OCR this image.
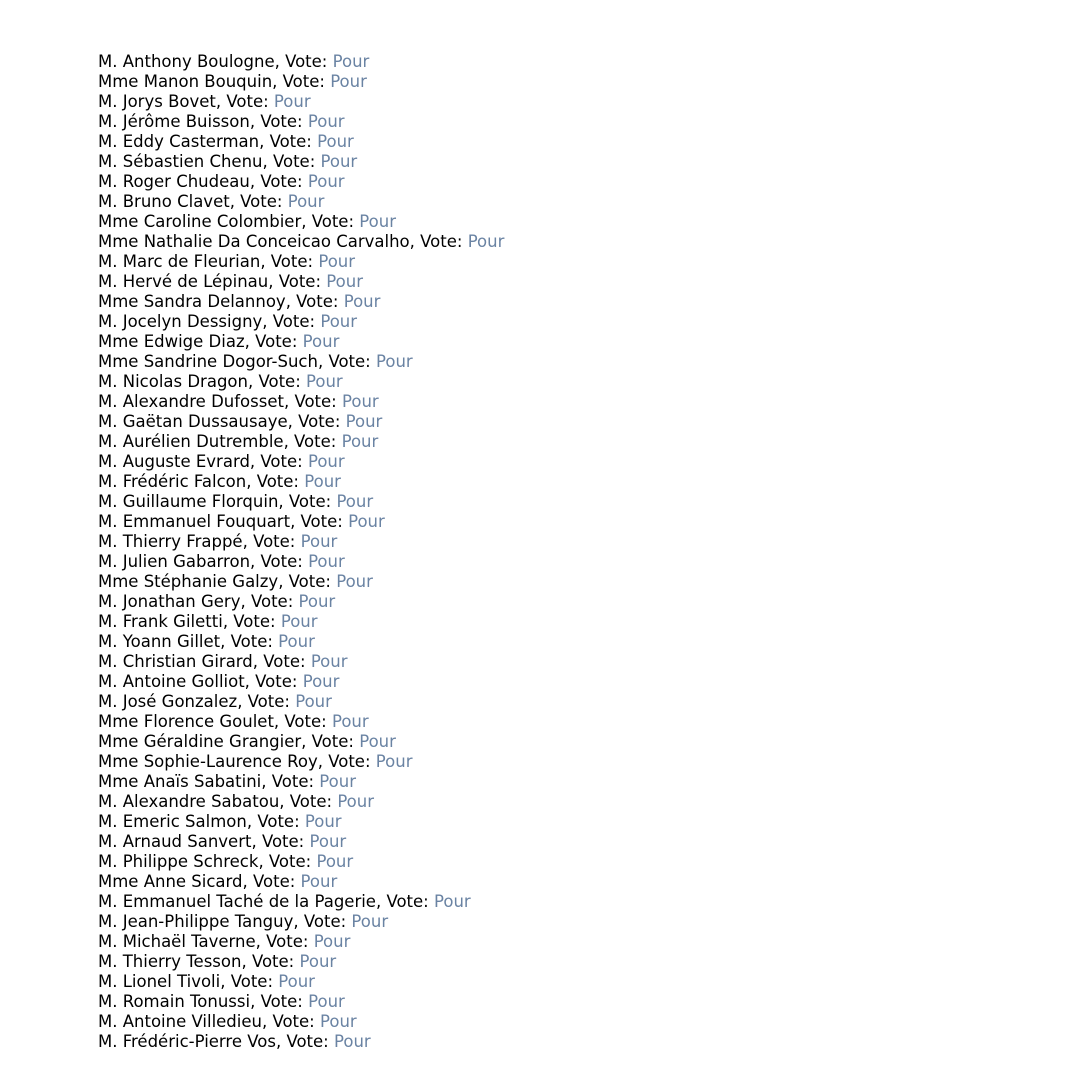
M. Anthony Boulogne, Vote: Pour
Mme Manon Bouquin, Vote: Pour
M. Jorys Bovet, Vote: Pour
M. Jérôme Buisson, Vote: Pour
M. Eddy Casterman, Vote: Pour
M. Sébastien Chenu, Vote: Pour
M. Roger Chudeau, Vote: Pour
M. Bruno Clavet, Vote: Pour
Mme Caroline Colombier, Vote: Pour
Mme Nathalie Da Conceicao Carvalho, Vote: Pour
M. Marc de Fleurian, Vote: Pour
M. Hervé de Lépinau, Vote: Pour
Mme Sandra Delannoy, Vote: Pour
M. Jocelyn Dessigny, Vote: Pour
Mme Edwige Diaz, Vote: Pour
Mme Sandrine Dogor-Such, Vote: Pour
M. Nicolas Dragon, Vote: Pour
M. Alexandre Dufosset, Vote: Pour
M. Gaëtan Dussausaye, Vote: Pour
M. Aurélien Dutremble, Vote: Pour
M. Auguste Evrard, Vote: Pour
M. Frédéric Falcon, Vote: Pour
M. Guillaume Florquin, Vote: Pour
M. Emmanuel Fouquart, Vote: Pour
M. Thierry Frappé, Vote: Pour
M. Julien Gabarron, Vote: Pour
Mme Stéphanie Galzy, Vote: Pour
M. Jonathan Gery, Vote: Pour
M. Frank Giletti, Vote: Pour
M. Yoann Gillet, Vote: Pour
M. Christian Girard, Vote: Pour
M. Antoine Golliot, Vote: Pour
M. José Gonzalez, Vote: Pour
Mme Florence Goulet, Vote: Pour
Mme Géraldine Grangier, Vote: Pour
Mme Sophie-Laurence Roy, Vote: Pour
Mme Anaïs Sabatini, Vote: Pour
M. Alexandre Sabatou, Vote: Pour
M. Emeric Salmon, Vote: Pour
M. Arnaud Sanvert, Vote: Pour
M. Philippe Schreck, Vote: Pour
Mme Anne Sicard, Vote: Pour
M. Emmanuel Taché de la Pagerie, Vote: Pour
M. Jean-Philippe Tanguy, Vote: Pour
M. Michaël Taverne, Vote: Pour
M. Thierry Tesson, Vote: Pour
M. Lionel Tivoli, Vote: Pour
M. Romain Tonussi, Vote: Pour
M. Antoine Villedieu, Vote: Pour
M. Frédéric-Pierre Vos, Vote: Pour
